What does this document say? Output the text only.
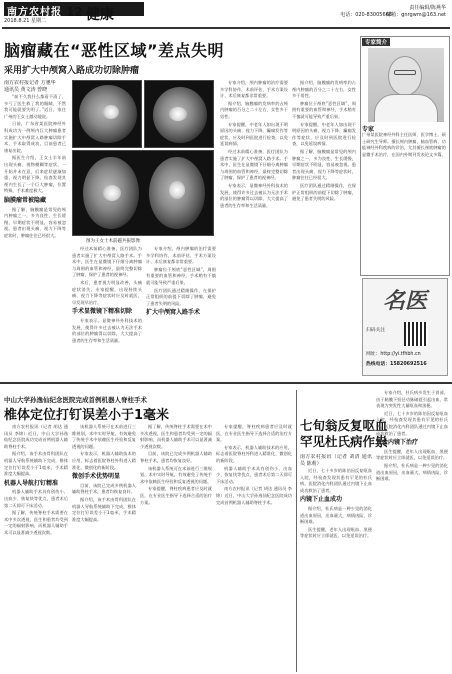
南方农村报
2018.8.21 星期二
12 健康	责任编辑/陈燕华
电话：020-83005668
邮箱：gnrgwm@163.net
脑瘤藏在“恶性区域”差点失明
采用扩大中颅窝入路成功切除肿瘤
南方农村报记者 方驰华
通讯员 黄文涛 曾晓

“前不久我什么都看不清了，多亏了医生救了我的眼睛，不然我可能就要失明了。”近日，家住广州的王女士激动地说。

日前，广东省某医院神经外科成功为一例颅内巨大肿瘤患者实施扩大中颅窝入路肿瘤切除手术，手术取得成功，目前患者已康复出院。

据医生介绍，王女士半年前出现头痛、视物模糊等症状，一开始并未在意，后来症状逐渐加重，视力明显下降。检查发现其颅内生长了一个巨大肿瘤，位置特殊，手术难度极大。

脑膜瘤常被隐藏

据了解，脑膜瘤是常见的颅内肿瘤之一，多为良性，生长缓慢，早期症状不明显，容易被忽视。患者出现头痛、视力下降等症状时，肿瘤往往已经很大。

图为王女士术前磁共振影像

经过术前精心准备，医疗团队为患者实施了扩大中颅窝入路手术。手术中，医生在显微镜下仔细分离肿瘤与周围的血管和神经，最终完整切除了肿瘤，保护了患者的视神经。

术后，患者视力明显改善，头痛症状消失。专家提醒，出现持续头痛、视力下降等症状时应及时就医，早发现早治疗。

手术显微镜下精准切除

专家表示，显微神经外科技术的发展，使得许多过去被认为无法手术的部位的肿瘤得以切除，大大提高了患者的生存率和生活质量。

专家介绍，颅内肿瘤的治疗需要多学科协作，术前评估、手术方案设计、术后康复都非常重要。

肿瘤位于颅底“恶性区域”，周围有重要的血管和神经，手术稍有不慎就可能导致严重后果。

医疗团队通过精细操作，在保护正常组织的前提下切除了肿瘤，避免了患者失明的风险。

扩大中颅窝入路手术

专家介绍，颅内肿瘤的治疗需要多学科协作，术前评估、手术方案设计、术后康复都非常重要。

据介绍，脑膜瘤的发病率约占颅内肿瘤的百分之二十左右，女性多于男性。

专家提醒，中老年人如出现不明原因的头痛、视力下降、癫痫发作等症状，应及时到医院进行检查，以免延误病情。

经过术前精心准备，医疗团队为患者实施了扩大中颅窝入路手术。手术中，医生在显微镜下仔细分离肿瘤与周围的血管和神经，最终完整切除了肿瘤，保护了患者的视神经。

专家表示，显微神经外科技术的发展，使得许多过去被认为无法手术的部位的肿瘤得以切除，大大提高了患者的生存率和生活质量。

据介绍，脑膜瘤的发病率约占颅内肿瘤的百分之二十左右，女性多于男性。

肿瘤位于颅底“恶性区域”，周围有重要的血管和神经，手术稍有不慎就可能导致严重后果。

专家提醒，中老年人如出现不明原因的头痛、视力下降、癫痫发作等症状，应及时到医院进行检查，以免延误病情。

据了解，脑膜瘤是常见的颅内肿瘤之一，多为良性，生长缓慢，早期症状不明显，容易被忽视。患者出现头痛、视力下降等症状时，肿瘤往往已经很大。

医疗团队通过精细操作，在保护正常组织的前提下切除了肿瘤，避免了患者失明的风险。

专家简介
专家
广州某医院神经外科主任医师，医学博士，硕士研究生导师。擅长颅内肿瘤、脑血管病、功能神经外科疾病的诊治，尤其擅长颅底肿瘤的显微手术治疗，在国内外期刊发表论文多篇。
名医
扫码关注
网址：http://yi.tfhbh.cn
热线电话：15820692516
中山大学孙逸仙纪念医院完成首例机器人脊柱手术
椎体定位打钉误差小于1毫米

南方农村报讯（记者 胡达 通讯员 李锦）近日，中山大学孙逸仙纪念医院成功完成首例机器人辅助脊柱手术。

据介绍，该手术由骨科团队在机器人导航系统辅助下完成，椎体定位打钉误差小于1毫米，手术精准度大幅提高。

机器人导航打钉精准

机器人辅助手术具有创伤小、出血少、恢复快等优点，患者术后第二天即可下床活动。

据了解，传统脊柱手术需要在术中多次透视，医生和患者均受到一定的辐射影响，而机器人辅助手术可以显著减少透视次数。

该机器人系统可在术前进行三维规划，术中实时导航，有效避免了传统手术中依赖医生经验和反复透视的问题。

专家表示，机器人辅助技术的应用，标志着医院脊柱外科进入精准化、微创化的新阶段。

微创手术优势明显

目前，该院已完成多例机器人辅助脊柱手术，患者均恢复良好。

据介绍，该手术由骨科团队在机器人导航系统辅助下完成，椎体定位打钉误差小于1毫米，手术精准度大幅提高。

据了解，传统脊柱手术需要在术中多次透视，医生和患者均受到一定的辐射影响，而机器人辅助手术可以显著减少透视次数。

目前，该院已完成多例机器人辅助脊柱手术，患者均恢复良好。

该机器人系统可在术前进行三维规划，术中实时导航，有效避免了传统手术中依赖医生经验和反复透视的问题。

专家提醒，脊柱疾病患者应及时就医，在专业医生指导下选择合适的治疗方案。

专家提醒，脊柱疾病患者应及时就医，在专业医生指导下选择合适的治疗方案。

专家表示，机器人辅助技术的应用，标志着医院脊柱外科进入精准化、微创化的新阶段。

机器人辅助手术具有创伤小、出血少、恢复快等优点，患者术后第二天即可下床活动。

南方农村报讯（记者 胡达 通讯员 李锦）近日，中山大学孙逸仙纪念医院成功完成首例机器人辅助脊柱手术。

七旬翁反复呕血
罕见杜氏病作祟
南方农村报讯（记者 刘清 通讯员 陈莉）

近日，七十多岁的陈伯因反复呕血入院，经检查发现其患有罕见的杜氏病。医院消化内科团队通过内镜下止血成功救治了患者。

内镜下止血成功

据介绍，杜氏病是一种少见的消化道出血原因，出血量大，病情凶险，诊断困难。

医生提醒，老年人出现呕血、黑便等症状时应立即就医，以免延误治疗。

专家介绍，杜氏病多发生于胃部，由于黏膜下恒径动脉破裂引起出血，常表现为突发性大量呕血和黑便。

近日，七十多岁的陈伯因反复呕血入院，经检查发现其患有罕见的杜氏病。医院消化内科团队通过内镜下止血成功救治了患者。

黄金内镜下治疗

医生提醒，老年人出现呕血、黑便等症状时应立即就医，以免延误治疗。

据介绍，杜氏病是一种少见的消化道出血原因，出血量大，病情凶险，诊断困难。
